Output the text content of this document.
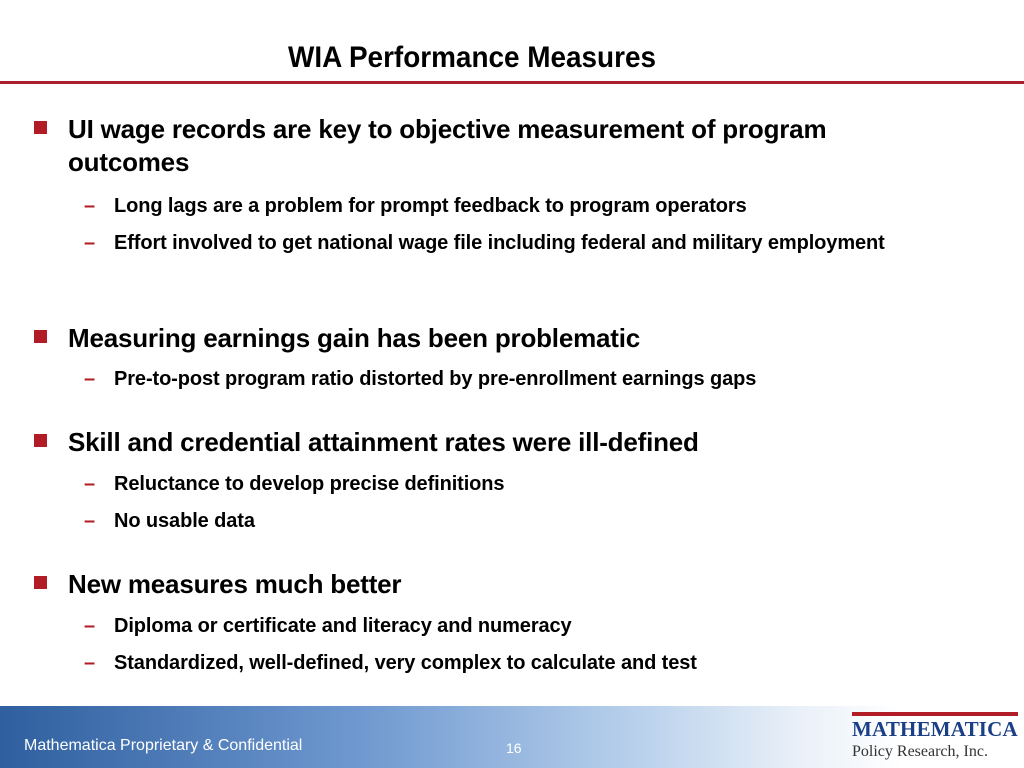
WIA Performance Measures
UI wage records are key to objective measurement of program outcomes
– Long lags are a problem for prompt feedback to program operators
– Effort involved to get national wage file including federal and military employment
Measuring earnings gain has been problematic
– Pre-to-post program ratio distorted by pre-enrollment earnings gaps
Skill and credential attainment rates were ill-defined
– Reluctance to develop precise definitions
– No usable data
New measures much better
– Diploma or certificate and literacy and numeracy
– Standardized, well-defined, very complex to calculate and test
Mathematica Proprietary & Confidential	16
MATHEMATICA
Policy Research, Inc.
